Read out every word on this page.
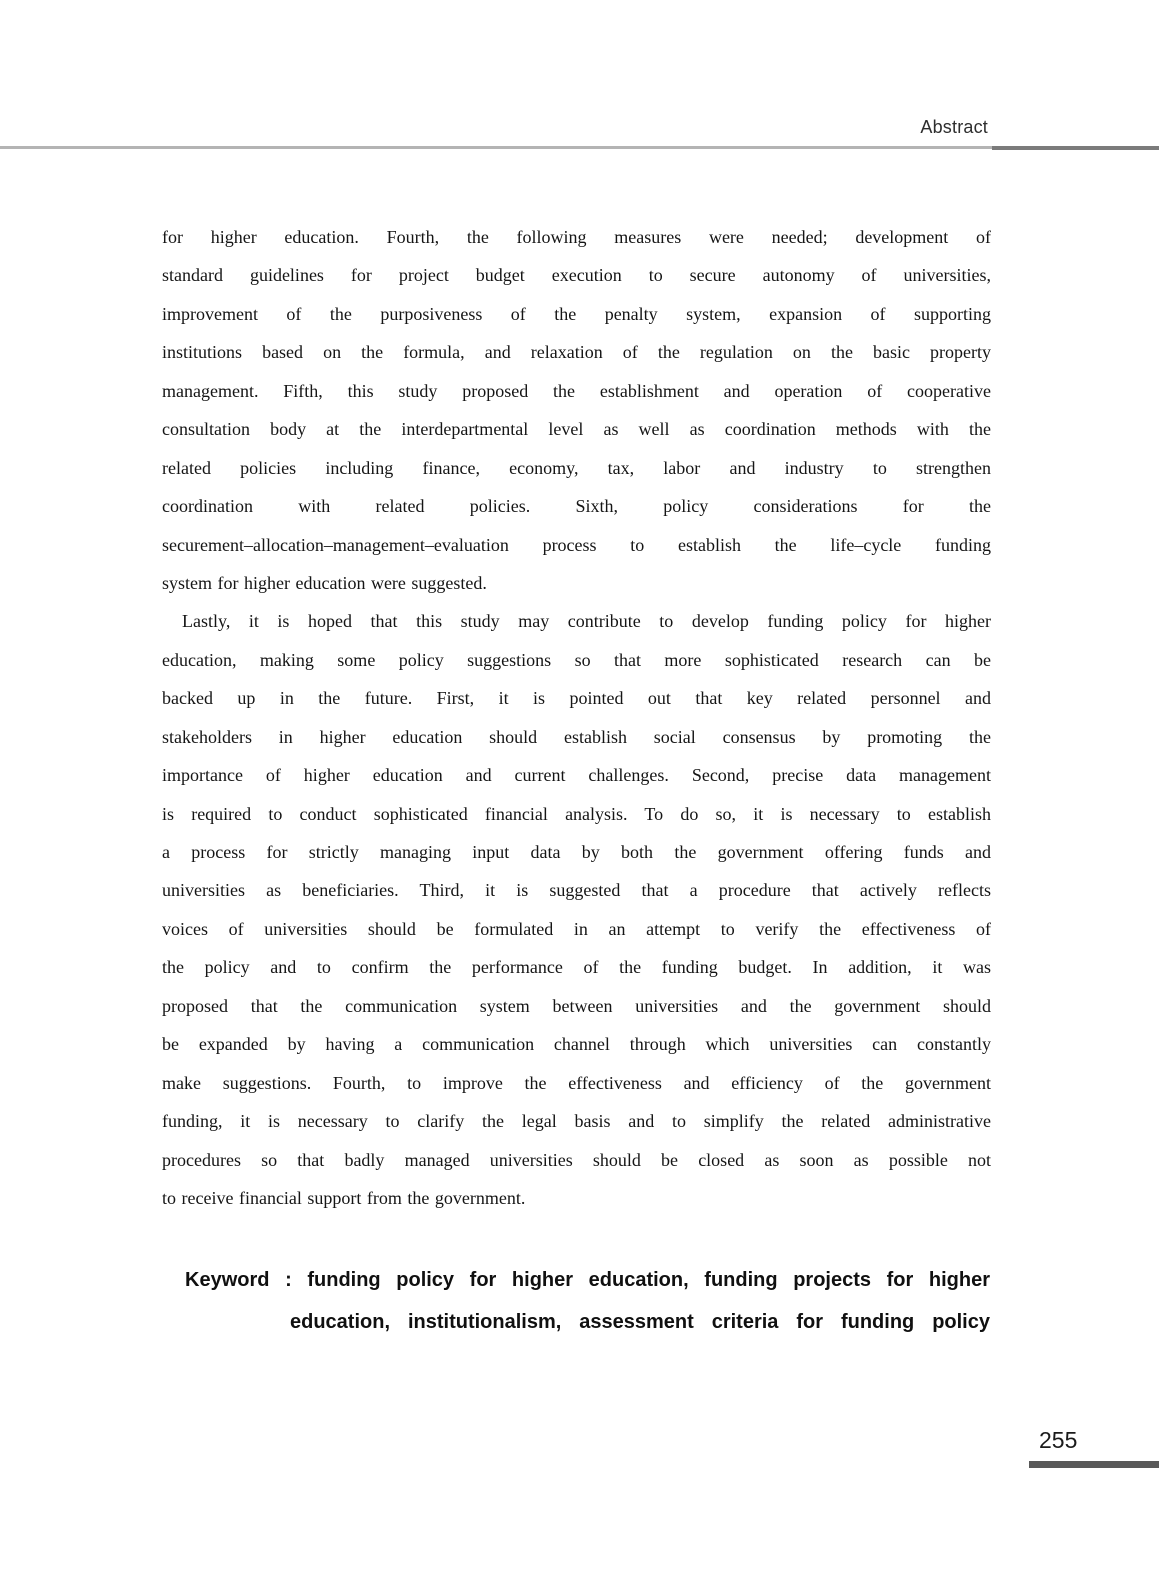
Abstract
for higher education. Fourth, the following measures were needed; development of
standard guidelines for project budget execution to secure autonomy of universities,
improvement of the purposiveness of the penalty system, expansion of supporting
institutions based on the formula, and relaxation of the regulation on the basic property
management. Fifth, this study proposed the establishment and operation of cooperative
consultation body at the interdepartmental level as well as coordination methods with the
related policies including finance, economy, tax, labor and industry to strengthen
coordination with related policies. Sixth, policy considerations for the
securement–allocation–management–evaluation process to establish the life–cycle funding
system for higher education were suggested.
Lastly, it is hoped that this study may contribute to develop funding policy for higher
education, making some policy suggestions so that more sophisticated research can be
backed up in the future. First, it is pointed out that key related personnel and
stakeholders in higher education should establish social consensus by promoting the
importance of higher education and current challenges. Second, precise data management
is required to conduct sophisticated financial analysis. To do so, it is necessary to establish
a process for strictly managing input data by both the government offering funds and
universities as beneficiaries. Third, it is suggested that a procedure that actively reflects
voices of universities should be formulated in an attempt to verify the effectiveness of
the policy and to confirm the performance of the funding budget. In addition, it was
proposed that the communication system between universities and the government should
be expanded by having a communication channel through which universities can constantly
make suggestions. Fourth, to improve the effectiveness and efficiency of the government
funding, it is necessary to clarify the legal basis and to simplify the related administrative
procedures so that badly managed universities should be closed as soon as possible not
to receive financial support from the government.
Keyword : funding policy for higher education, funding projects for higher
education, institutionalism, assessment criteria for funding policy
255
